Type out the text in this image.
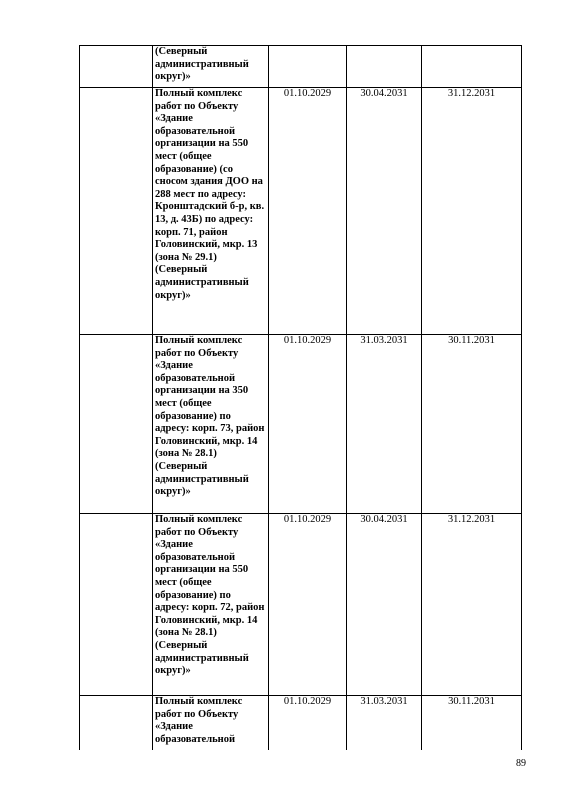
	(Северный административный округ)»			
	Полный комплекс работ по Объекту «Здание образовательной организации на 550 мест (общее образование) (со сносом здания ДОО на 288 мест по адресу: Кронштадский б-р, кв. 13, д. 43Б) по адресу: корп. 71, район Головинский, мкр. 13 (зона № 29.1) (Северный административный округ)»	01.10.2029	30.04.2031	31.12.2031
	Полный комплекс работ по Объекту «Здание образовательной организации на 350 мест (общее образование) по адресу: корп. 73, район Головинский, мкр. 14 (зона № 28.1) (Северный административный округ)»	01.10.2029	31.03.2031	30.11.2031
	Полный комплекс работ по Объекту «Здание образовательной организации на 550 мест (общее образование) по адресу: корп. 72, район Головинский, мкр. 14 (зона № 28.1) (Северный административный округ)»	01.10.2029	30.04.2031	31.12.2031
	Полный комплекс работ по Объекту «Здание образовательной	01.10.2029	31.03.2031	30.11.2031
89
